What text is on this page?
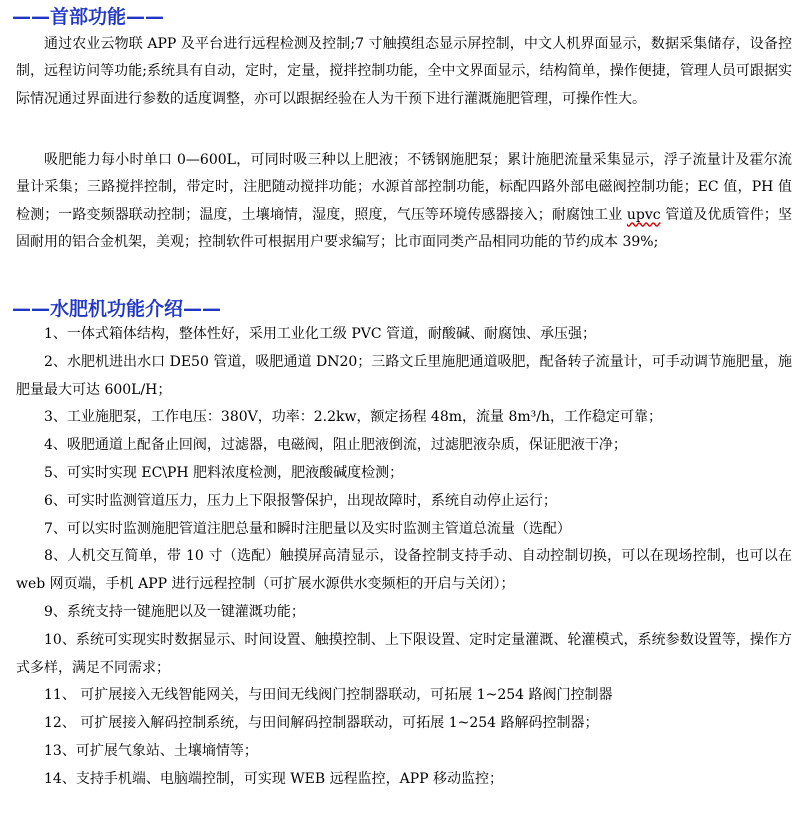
——首部功能——

通过农业云物联 APP 及平台进行远程检测及控制;7 寸触摸组态显示屏控制，中文人机界面显示，数据采集储存，设备控制，远程访问等功能;系统具有自动，定时，定量，搅拌控制功能，全中文界面显示，结构简单，操作便捷，管理人员可跟据实际情况通过界面进行参数的适度调整，亦可以跟据经验在人为干预下进行灌溉施肥管理，可操作性大。

吸肥能力每小时单口 0—600L，可同时吸三种以上肥液；不锈钢施肥泵；累计施肥流量采集显示，浮子流量计及霍尔流量计采集；三路搅拌控制，带定时，注肥随动搅拌功能；水源首部控制功能，标配四路外部电磁阀控制功能；EC 值，PH 值检测；一路变频器联动控制；温度，土壤墒情，湿度，照度，气压等环境传感器接入；耐腐蚀工业 upvc 管道及优质管件；坚固耐用的铝合金机架，美观；控制软件可根据用户要求编写；比市面同类产品相同功能的节约成本 39%;

——水肥机功能介绍——
1、一体式箱体结构，整体性好，采用工业化工级 PVC 管道，耐酸碱、耐腐蚀、承压强；
2、水肥机进出水口 DE50 管道，吸肥通道 DN20；三路文丘里施肥通道吸肥，配备转子流量计，可手动调节施肥量，施肥量最大可达 600L/H；
3、工业施肥泵，工作电压：380V，功率：2.2kw，额定扬程 48m，流量 8m³/h，工作稳定可靠；
4、吸肥通道上配备止回阀，过滤器，电磁阀，阻止肥液倒流，过滤肥液杂质，保证肥液干净；
5、可实时实现 EC\PH 肥料浓度检测，肥液酸碱度检测；
6、可实时监测管道压力，压力上下限报警保护，出现故障时，系统自动停止运行；
7、可以实时监测施肥管道注肥总量和瞬时注肥量以及实时监测主管道总流量（选配）
8、人机交互简单，带 10 寸（选配）触摸屏高清显示，设备控制支持手动、自动控制切换，可以在现场控制，也可以在 web 网页端，手机 APP 进行远程控制（可扩展水源供水变频柜的开启与关闭）；
9、系统支持一键施肥以及一键灌溉功能；
10、系统可实现实时数据显示、时间设置、触摸控制、上下限设置、定时定量灌溉、轮灌模式，系统参数设置等，操作方式多样，满足不同需求；
11、 可扩展接入无线智能网关，与田间无线阀门控制器联动，可拓展 1~254 路阀门控制器
12、 可扩展接入解码控制系统，与田间解码控制器联动，可拓展 1~254 路解码控制器；
13、可扩展气象站、土壤墒情等；
14、支持手机端、电脑端控制，可实现 WEB 远程监控，APP 移动监控；
